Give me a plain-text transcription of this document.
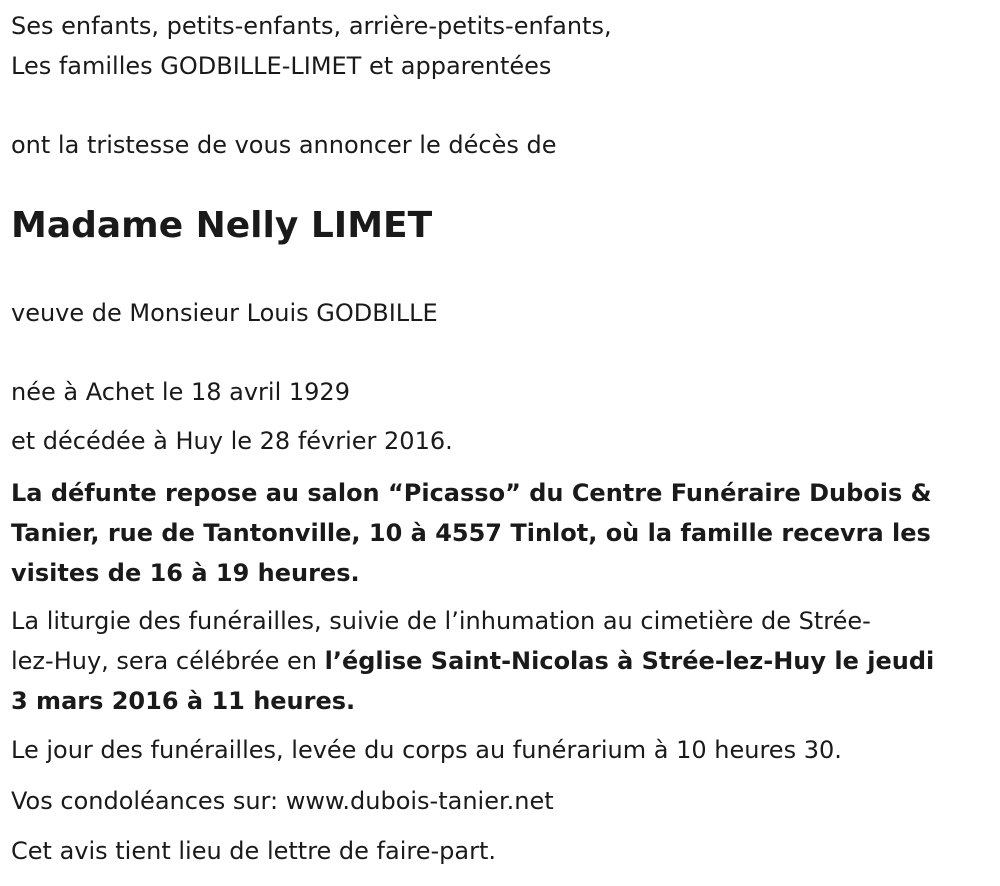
Ses enfants, petits-enfants, arrière-petits-enfants,
Les familles GODBILLE-LIMET et apparentées
ont la tristesse de vous annoncer le décès de
Madame Nelly LIMET
veuve de Monsieur Louis GODBILLE
née à Achet le 18 avril 1929
et décédée à Huy le 28 février 2016.
La défunte repose au salon “Picasso” du Centre Funéraire Dubois &
Tanier, rue de Tantonville, 10 à 4557 Tinlot, où la famille recevra les
visites de 16 à 19 heures.
La liturgie des funérailles, suivie de l’inhumation au cimetière de Strée-
lez-Huy, sera célébrée en l’église Saint-Nicolas à Strée-lez-Huy le jeudi
3 mars 2016 à 11 heures.
Le jour des funérailles, levée du corps au funérarium à 10 heures 30.
Vos condoléances sur: www.dubois-tanier.net
Cet avis tient lieu de lettre de faire-part.
